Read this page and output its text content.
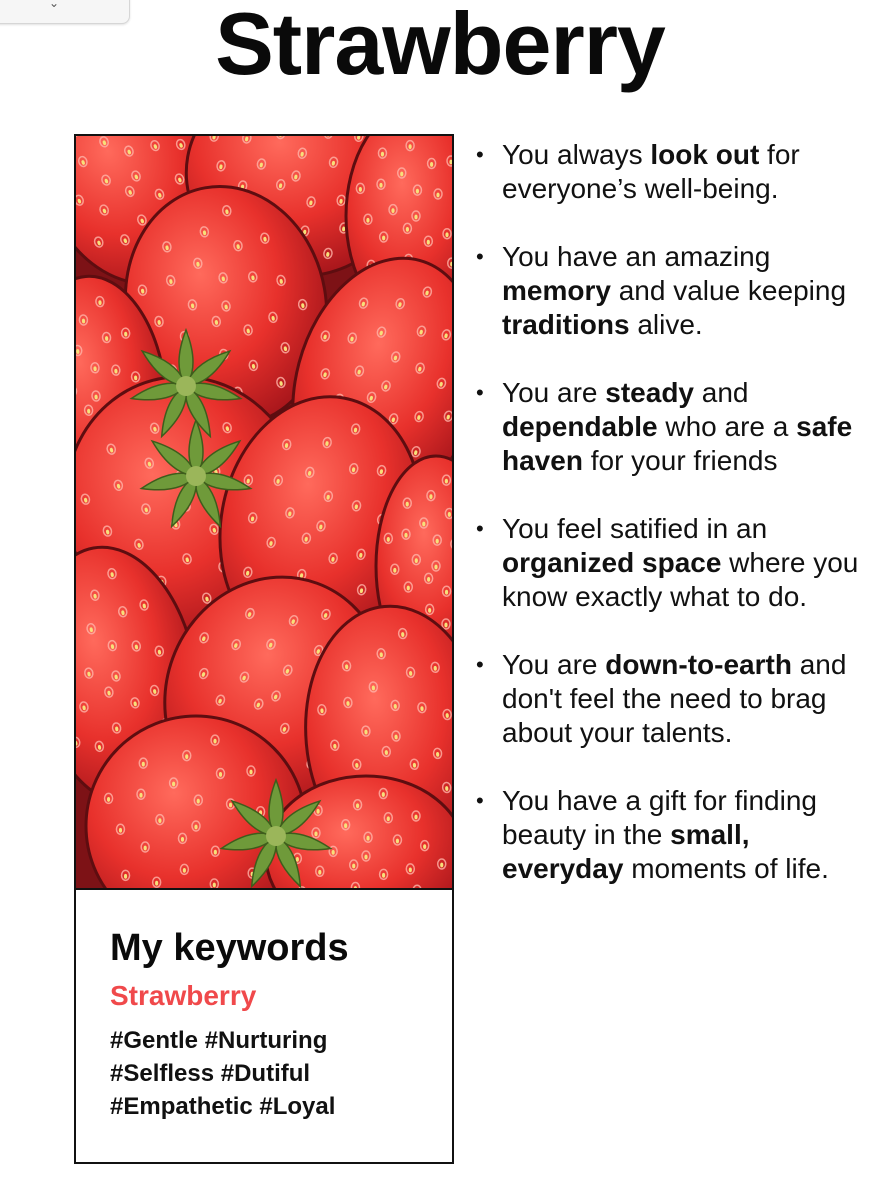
⌄	Strawberry
My keywords
Strawberry
#Gentle #Nurturing
#Selfless #Dutiful
#Empathetic #Loyal
• You always look out for everyone’s well-being.
• You have an amazing memory and value keeping traditions alive.
• You are steady and dependable who are a safe haven for your friends
• You feel satified in an organized space where you know exactly what to do.
• You are down-to-earth and don't feel the need to brag about your talents.
• You have a gift for finding beauty in the small, everyday moments of life.
